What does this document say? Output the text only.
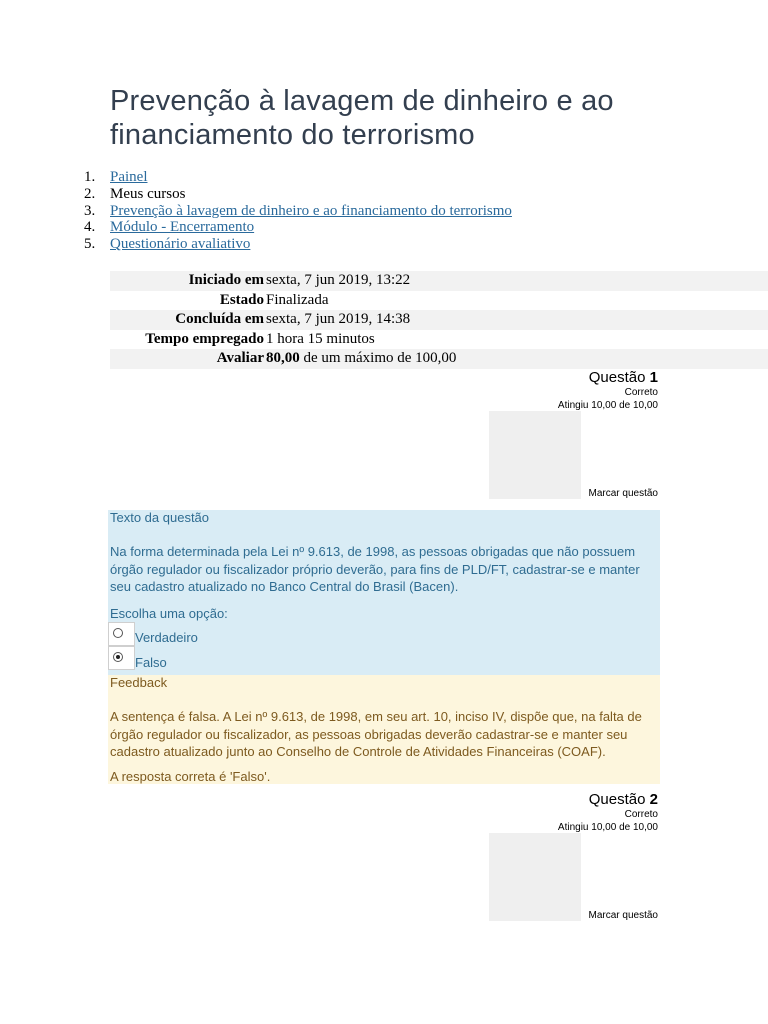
Prevenção à lavagem de dinheiro e ao financiamento do terrorismo
1. Painel
2. Meus cursos
3. Prevenção à lavagem de dinheiro e ao financiamento do terrorismo
4. Módulo - Encerramento
5. Questionário avaliativo
Iniciado em sexta, 7 jun 2019, 13:22
Estado Finalizada
Concluída em sexta, 7 jun 2019, 14:38
Tempo empregado 1 hora 15 minutos
Avaliar 80,00 de um máximo de 100,00
Questão 1
Correto
Atingiu 10,00 de 10,00
Marcar questão
Texto da questão
Na forma determinada pela Lei nº 9.613, de 1998, as pessoas obrigadas que não possuem órgão regulador ou fiscalizador próprio deverão, para fins de PLD/FT, cadastrar-se e manter seu cadastro atualizado no Banco Central do Brasil (Bacen).
Escolha uma opção:
Verdadeiro
Falso
Feedback
A sentença é falsa. A Lei nº 9.613, de 1998, em seu art. 10, inciso IV, dispõe que, na falta de órgão regulador ou fiscalizador, as pessoas obrigadas deverão cadastrar-se e manter seu cadastro atualizado junto ao Conselho de Controle de Atividades Financeiras (COAF).
A resposta correta é 'Falso'.
Questão 2
Correto
Atingiu 10,00 de 10,00
Marcar questão
